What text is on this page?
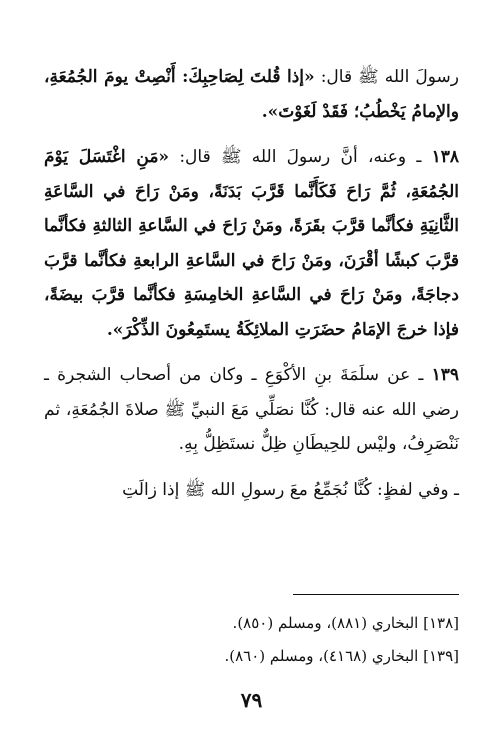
رسولَ الله ﷺ قال: «إذا قُلتَ لِصَاحِبِكَ: أَنْصِتْ يومَ الجُمُعَةِ، والإمامُ يَخْطُبُ؛ فَقَدْ لَغَوْتَ».

١٣٨ ـ وعنه، أنَّ رسولَ الله ﷺ قال: «مَنِ اغْتَسَلَ يَوْمَ الجُمُعَةِ، ثُمَّ رَاحَ فَكَأَنَّما قَرَّبَ بَدَنَةً، ومَنْ رَاحَ في السَّاعَةِ الثَّانِيَةِ فكأنَّما قرَّبَ بقَرَةً، ومَنْ رَاحَ في السَّاعةِ الثالثةِ فكأنَّما قرَّبَ كبشًا أقْرَنَ، ومَنْ رَاحَ في السَّاعةِ الرابعةِ فكأنَّما قرَّبَ دجاجَةً، ومَنْ رَاحَ في السَّاعةِ الخامِسَةِ فكأنَّما قرَّبَ بيضَةً، فإذا خرجَ الإمَامُ حضَرَتِ الملائِكَةُ يستَمِعُونَ الذِّكْرَ».

١٣٩ ـ عن سلَمَةَ بنِ الأكْوَعِ ـ وكان من أصحاب الشجرة ـ رضي الله عنه قال: كُنَّا نصَلِّي مَعَ النبيِّ ﷺ صلاةَ الجُمُعَةِ، ثم نَنْصَرِفُ، وليْس للحِيطَانِ ظِلٌّ نستَظِلُّ بِهِ.

ـ وفي لفظٍ: كُنَّا نُجَمِّعُ معَ رسولِ الله ﷺ إذا زالَتِ

[١٣٨] البخاري (٨٨١)، ومسلم (٨٥٠).

[١٣٩] البخاري (٤١٦٨)، ومسلم (٨٦٠).

٧٩
